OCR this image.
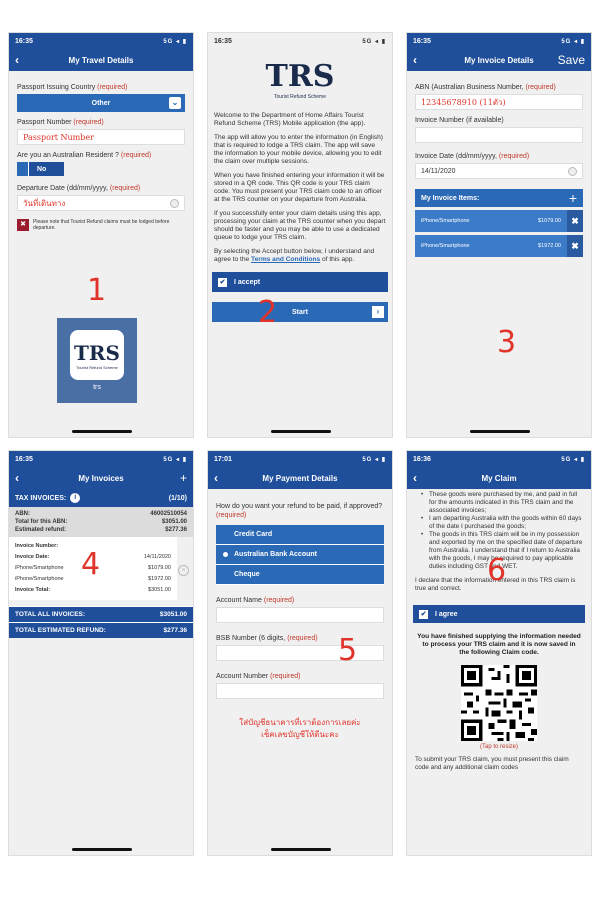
16:35	5G ◂ ▮
‹	My Travel Details
Passport Issuing Country (required)
Other	⌄
Passport Number (required)
Passport Number
Are you an Australian Resident ? (required)
No
Departure Date (dd/mm/yyyy, (required)
วันที่เดินทาง
✖	Please note that Tourist Refund claims must be lodged before departure.
1
TRS
Tourist Refund Scheme
trs
16:35	5G ◂ ▮
TRS
Tourist Refund Scheme
Welcome to the Department of Home Affairs Tourist Refund Scheme (TRS) Mobile application (the app).
The app will allow you to enter the information (in English) that is required to lodge a TRS claim. The app will save the information to your mobile device, allowing you to edit the claim over multiple sessions.
When you have finished entering your information it will be stored in a QR code. This QR code is your TRS claim code. You must present your TRS claim code to an officer at the TRS counter on your departure from Australia.
If you successfully enter your claim details using this app, processing your claim at the TRS counter when you depart should be faster and you may be able to use a dedicated queue to lodge your TRS claim.
By selecting the Accept button below, I understand and agree to the Terms and Conditions of this app.
✔ I accept
Start	›
2
16:35	5G ◂ ▮
‹	My Invoice Details	Save
ABN (Australian Business Number, (required)
12345678910 (11ตัว)
Invoice Number (if available)
Invoice Date (dd/mm/yyyy, (required)
14/11/2020
My Invoice Items:	+
iPhone/Smartphone	$1079.00	✖
iPhone/Smartphone	$1972.00	✖
3
16:35	5G ◂ ▮
‹	My Invoices	+
TAX INVOICES:	i	(1/10)
ABN:	46002510054
Total for this ABN:	$3051.00
Estimated refund:	$277.36
Invoice Number:
Invoice Date:	14/11/2020
iPhone/Smartphone	$1079.00
iPhone/Smartphone	$1972.00
Invoice Total:	$3051.00
×
TOTAL ALL INVOICES:	$3051.00
TOTAL ESTIMATED REFUND:	$277.36
4
17:01	5G ◂ ▮
‹	My Payment Details
How do you want your refund to be paid, if approved? (required)
Credit Card
Australian Bank Account
Cheque
Account Name (required)
BSB Number (6 digits, (required)
Account Number (required)
ใส่บัญชีธนาคารที่เราต้องการเลยค่ะ
เช็คเลขบัญชีให้ดีนะคะ
5
16:36	5G ◂ ▮
‹	My Claim
• These goods were purchased by me, and paid in full for the amounts indicated in this TRS claim and the associated invoices;
• I am departing Australia with the goods within 60 days of the date I purchased the goods;
• The goods in this TRS claim will be in my possession and exported by me on the specified date of departure from Australia. I understand that if I return to Australia with the goods, I may be required to pay applicable duties including GST and WET.
I declare that the information entered in this TRS claim is true and correct.
✔ I agree
You have finished supplying the information needed to process your TRS claim and it is now saved in the following Claim code.
(Tap to resize)
To submit your TRS claim, you must present this claim code and any additional claim codes
6
